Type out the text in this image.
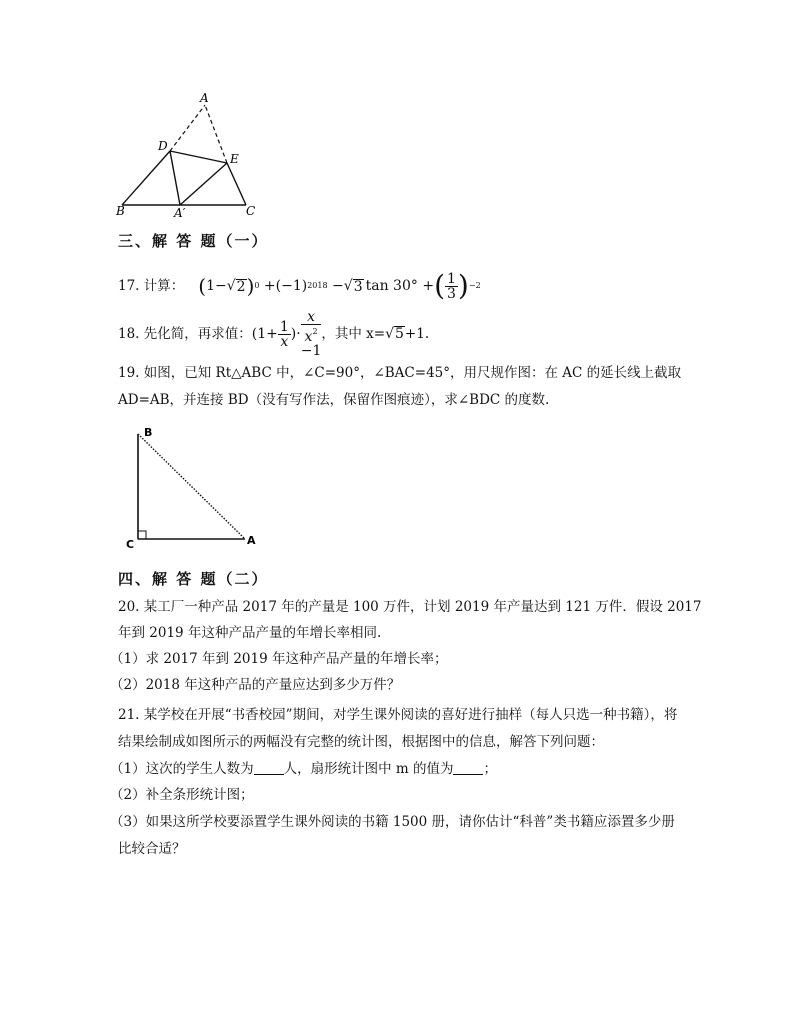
A
D
E
B	A′	C
三、解 答 题（一）
17. 计算： ( 1−√ 2 ) 0 + (−1) 2018 −√ 3 tan 30° + ( $\frac{1}{3}$ ) −2
18. 先化简，再求值： ($1+ \frac{1}{x}$ )· x
$x^2$
−1 ，其中 x= √5 +1.
19. 如图，已知 Rt△ABC 中，∠C=90°，∠BAC=45°，用尺规作图：在 AC 的延长线上截取
AD=AB，并连接 BD（没有写作法，保留作图痕迹），求∠BDC 的度数.
B
C	A
四、解 答 题（二）
20. 某工厂一种产品 2017 年的产量是 100 万件，计划 2019 年产量达到 121 万件．假设 2017
年到 2019 年这种产品产量的年增长率相同.
（1）求 2017 年到 2019 年这种产品产量的年增长率；
（2）2018 年这种产品的产量应达到多少万件？
21. 某学校在开展“书香校园”期间，对学生课外阅读的喜好进行抽样（每人只选一种书籍），将
结果绘制成如图所示的两幅没有完整的统计图，根据图中的信息，解答下列问题：
（1）这次的学生人数为 人，扇形统计图中 m 的值为 ；
（2）补全条形统计图；
（3）如果这所学校要添置学生课外阅读的书籍 1500 册，请你估计“科普”类书籍应添置多少册
比较合适？
